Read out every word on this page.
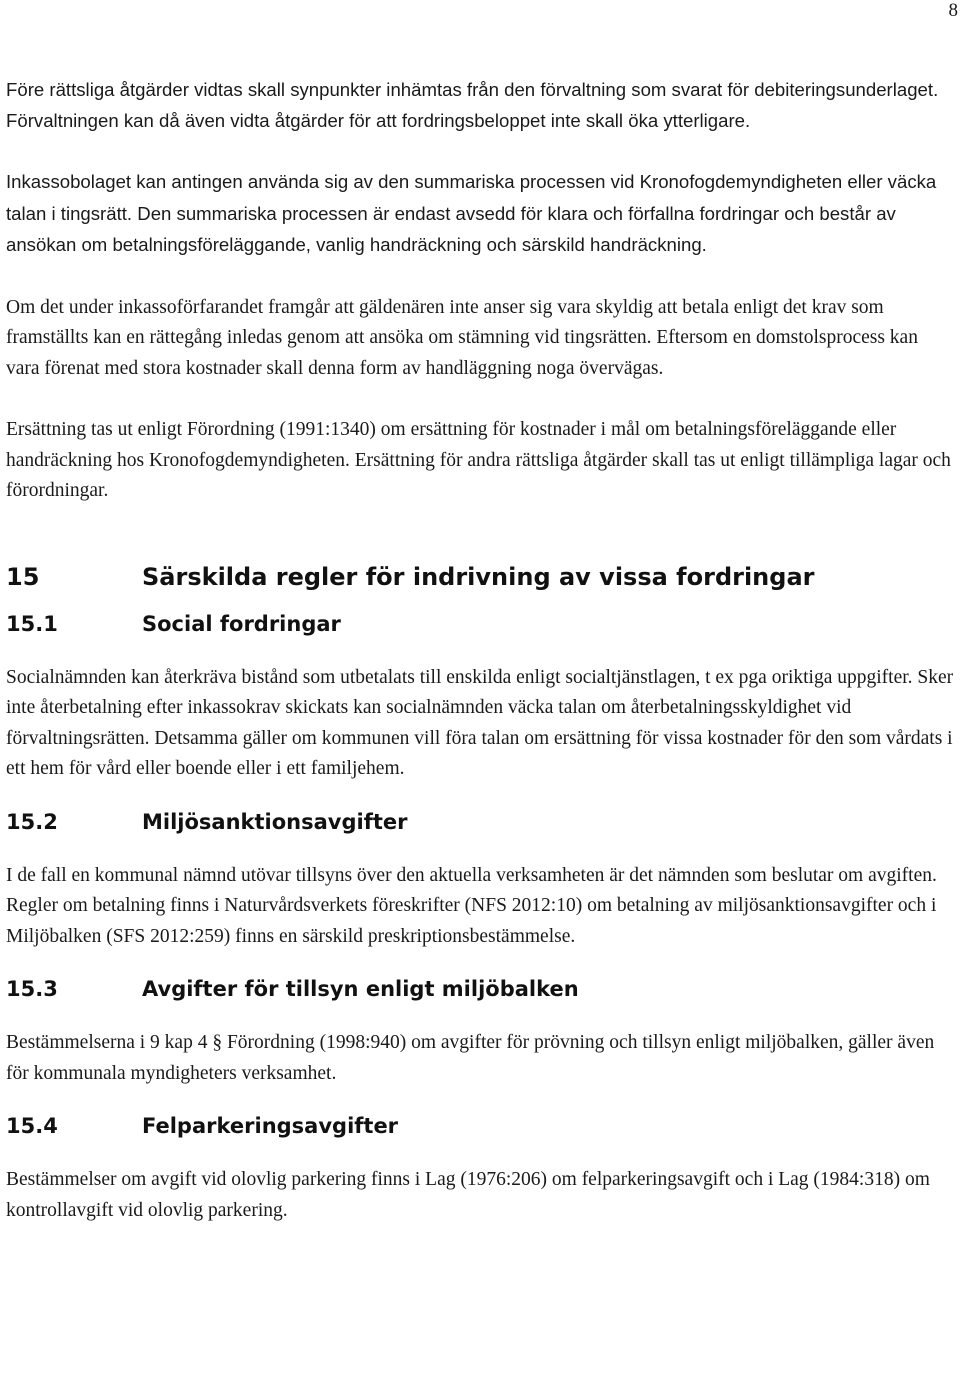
8

Före rättsliga åtgärder vidtas skall synpunkter inhämtas från den förvaltning som svarat för debiteringsunderlaget. Förvaltningen kan då även vidta åtgärder för att fordringsbeloppet inte skall öka ytterligare.

Inkassobolaget kan antingen använda sig av den summariska processen vid Kronofogdemyndigheten eller väcka talan i tingsrätt. Den summariska processen är endast avsedd för klara och förfallna fordringar och består av ansökan om betalningsföreläggande, vanlig handräckning och särskild handräckning.

Om det under inkassoförfarandet framgår att gäldenären inte anser sig vara skyldig att betala enligt det krav som framställts kan en rättegång inledas genom att ansöka om stämning vid tingsrätten. Eftersom en domstolsprocess kan vara förenat med stora kostnader skall denna form av handläggning noga övervägas.

Ersättning tas ut enligt Förordning (1991:1340) om ersättning för kostnader i mål om betalningsföreläggande eller handräckning hos Kronofogdemyndigheten. Ersättning för andra rättsliga åtgärder skall tas ut enligt tillämpliga lagar och förordningar.

15	Särskilda regler för indrivning av vissa fordringar
15.1	Social fordringar

Socialnämnden kan återkräva bistånd som utbetalats till enskilda enligt socialtjänstlagen, t ex pga oriktiga uppgifter. Sker inte återbetalning efter inkassokrav skickats kan socialnämnden väcka talan om återbetalningsskyldighet vid förvaltningsrätten. Detsamma gäller om kommunen vill föra talan om ersättning för vissa kostnader för den som vårdats i ett hem för vård eller boende eller i ett familjehem.

15.2	Miljösanktionsavgifter

I de fall en kommunal nämnd utövar tillsyns över den aktuella verksamheten är det nämnden som beslutar om avgiften. Regler om betalning finns i Naturvårdsverkets föreskrifter (NFS 2012:10) om betalning av miljösanktionsavgifter och i Miljöbalken (SFS 2012:259) finns en särskild preskriptionsbestämmelse.

15.3	Avgifter för tillsyn enligt miljöbalken

Bestämmelserna i 9 kap 4 § Förordning (1998:940) om avgifter för prövning och tillsyn enligt miljöbalken, gäller även för kommunala myndigheters verksamhet.

15.4	Felparkeringsavgifter

Bestämmelser om avgift vid olovlig parkering finns i Lag (1976:206) om felparkeringsavgift och i Lag (1984:318) om kontrollavgift vid olovlig parkering.
